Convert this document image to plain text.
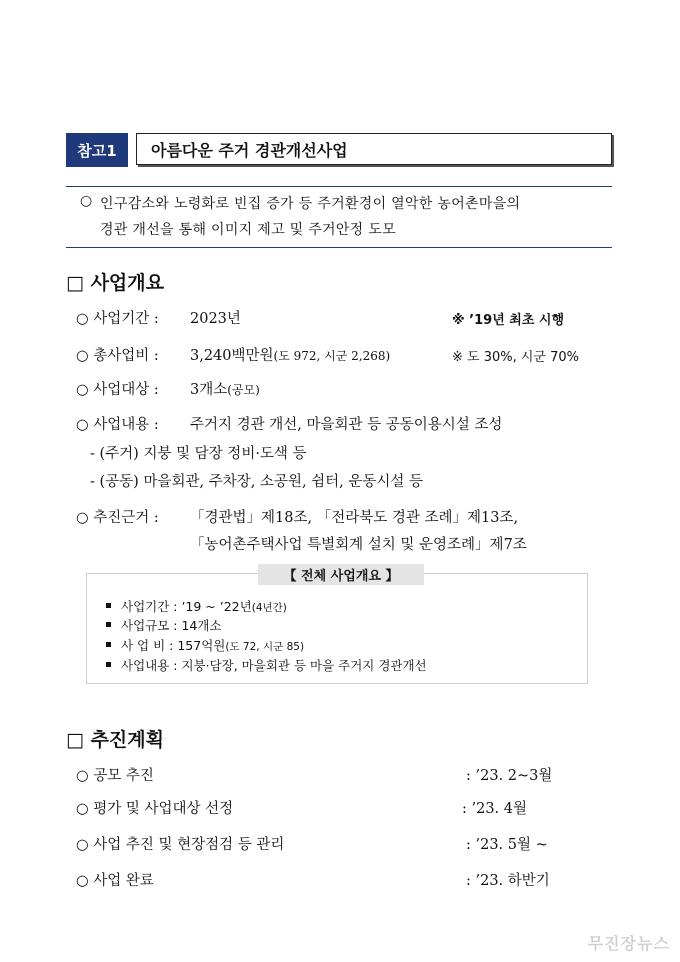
참고1	아름다운 주거 경관개선사업
○ 인구감소와 노령화로 빈집 증가 등 주거환경이 열악한 농어촌마을의
경관 개선을 통해 이미지 제고 및 주거안정 도모
□ 사업개요
○ 사업기간 : 2023년	※ ’19년 최초 시행
○ 총사업비 : 3,240백만원(도 972, 시군 2,268)	※ 도 30%, 시군 70%
○ 사업대상 : 3개소(공모)
○ 사업내용 : 주거지 경관 개선, 마을회관 등 공동이용시설 조성
- (주거) 지붕 및 담장 정비·도색 등
- (공동) 마을회관, 주차장, 소공원, 쉼터, 운동시설 등
○ 추진근거 : 「경관법」제18조, 「전라북도 경관 조례」제13조,
「농어촌주택사업 특별회계 설치 및 운영조례」제7조
【 전체 사업개요 】
사업기간 : ’19 ~ ’22년(4년간)
사업규모 : 14개소
사 업 비 : 157억원(도 72, 시군 85)
사업내용 : 지붕·담장, 마을회관 등 마을 주거지 경관개선
□ 추진계획
○ 공모 추진	: ’23. 2~3월
○ 평가 및 사업대상 선정	: ’23. 4월
○ 사업 추진 및 현장점검 등 관리	: ’23. 5월 ~
○ 사업 완료	: ’23. 하반기
무진장뉴스
